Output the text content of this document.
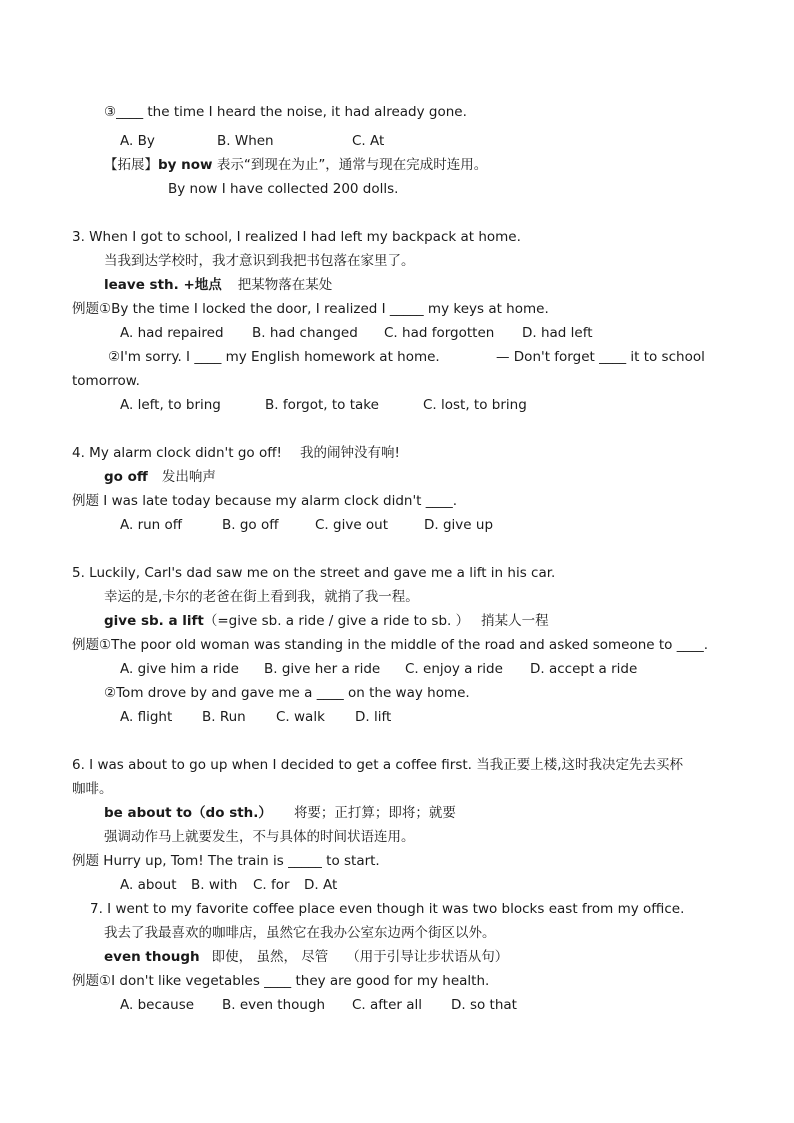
③____ the time I heard the noise, it had already gone.
A. By	B. When	C. At
【拓展】by now 表示“到现在为止”，通常与现在完成时连用。
By now I have collected 200 dolls.
3. When I got to school, I realized I had left my backpack at home.
当我到达学校时，我才意识到我把书包落在家里了。
leave sth. +地点 把某物落在某处
例题①By the time I locked the door, I realized I _____ my keys at home.
A. had repaired B. had changed C. had forgotten D. had left
②I'm sorry. I ____ my English homework at home.	— Don't forget ____ it to school
tomorrow.
A. left, to bring	B. forgot, to take	C. lost, to bring
4. My alarm clock didn't go off! 我的闹钟没有响!
go off 发出响声
例题 I was late today because my alarm clock didn't ____.
A. run off	B. go off	C. give out	D. give up
5. Luckily, Carl's dad saw me on the street and gave me a lift in his car.
幸运的是,卡尔的老爸在街上看到我，就捎了我一程。
give sb. a lift（=give sb. a ride / give a ride to sb. ） 捎某人一程
例题①The poor old woman was standing in the middle of the road and asked someone to ____.
A. give him a ride B. give her a ride C. enjoy a ride D. accept a ride
②Tom drove by and gave me a ____ on the way home.
A. flight B. Run C. walk D. lift
6. I was about to go up when I decided to get a coffee first. 当我正要上楼,这时我决定先去买杯
咖啡。
be about to（do sth.） 将要；正打算；即将；就要
强调动作马上就要发生，不与具体的时间状语连用。
例题 Hurry up, Tom! The train is _____ to start.
A. about B. with C. for D. At
7. I went to my favorite coffee place even though it was two blocks east from my office.
我去了我最喜欢的咖啡店，虽然它在我办公室东边两个街区以外。
even though 即使， 虽然， 尽管 （用于引导让步状语从句）
例题①I don't like vegetables ____ they are good for my health.
A. because B. even though C. after all D. so that
